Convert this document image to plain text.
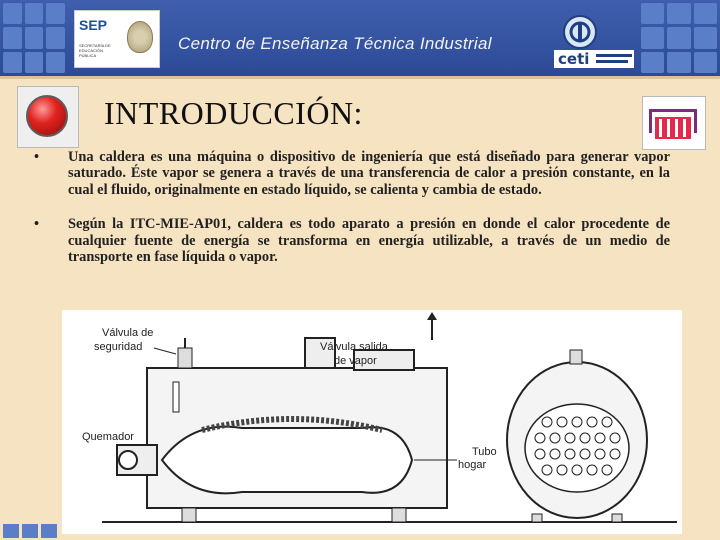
SEP
SECRETARÍA DE EDUCACIÓN PÚBLICA
Centro de Enseñanza Técnica Industrial
ceti
INTRODUCCIÓN:
• Una caldera es una máquina o dispositivo de ingeniería que está diseñado para generar vapor saturado. Éste vapor se genera a través de una transferencia de calor a presión constante, en la cual el fluido, originalmente en estado líquido, se calienta y cambia de estado.
• Según la ITC-MIE-AP01, caldera es todo aparato a presión en donde el calor procedente de cualquier fuente de energía se transforma en energía utilizable, a través de un medio de transporte en fase líquida o vapor.
Válvula de
seguridad	Válvula salida
de vapor
Quemador
Tubo
hogar
